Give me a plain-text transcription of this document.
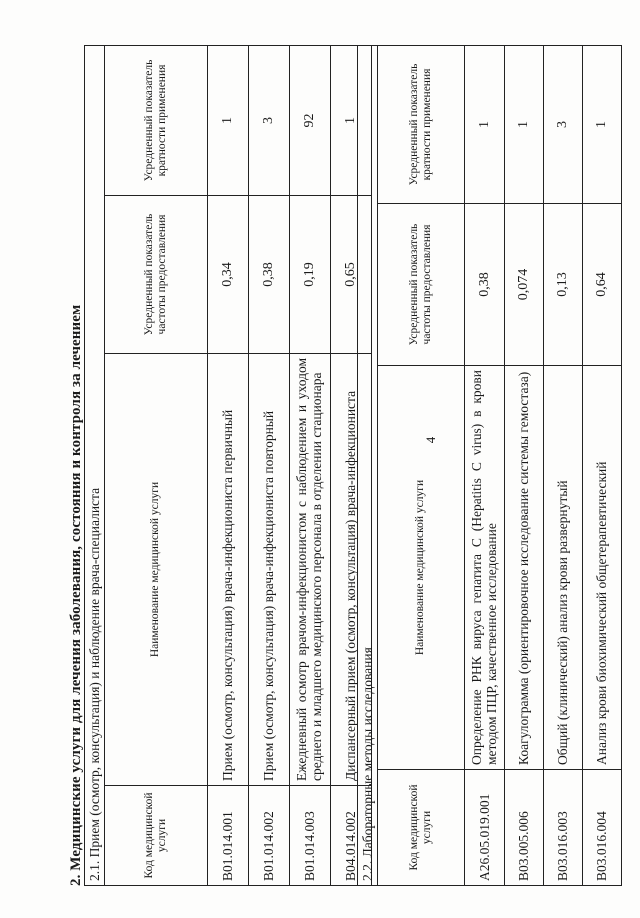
4
2. Медицинские услуги для лечения заболевания, состояния и контроля за лечением 2.1. Прием (осмотр, консультация) и наблюдение врача-специалиста			
Код медицинской услуги	Наименование медицинской услуги	Усредненный показатель частоты предоставления	Усредненный показатель кратности применения
B01.014.001	Прием (осмотр, консультация) врача-инфекциониста первичный	0,34	1
B01.014.002	Прием (осмотр, консультация) врача-инфекциониста повторный	0,38	3
B01.014.003	Ежедневный осмотр врачом-инфекционистом с наблюдением и уходом среднего и младшего медицинского персонала в отделении стационара	0,19	92
B04.014.002	Диспансерный прием (осмотр, консультация) врача-инфекциониста	0,65	1
2.2. Лабораторные методы исследования			
Код медицинской услуги	Наименование медицинской услуги	Усредненный показатель частоты предоставления	Усредненный показатель кратности применения
A26.05.019.001	Определение РНК вируса гепатита C (Hepatitis C virus) в крови методом ПЦР, качественное исследование	0,38	1
B03.005.006	Коагулограмма (ориентировочное исследование системы гемостаза)	0,074	1
B03.016.003	Общий (клинический) анализ крови развернутый	0,13	3
B03.016.004	Анализ крови биохимический общетерапевтический	0,64	1
